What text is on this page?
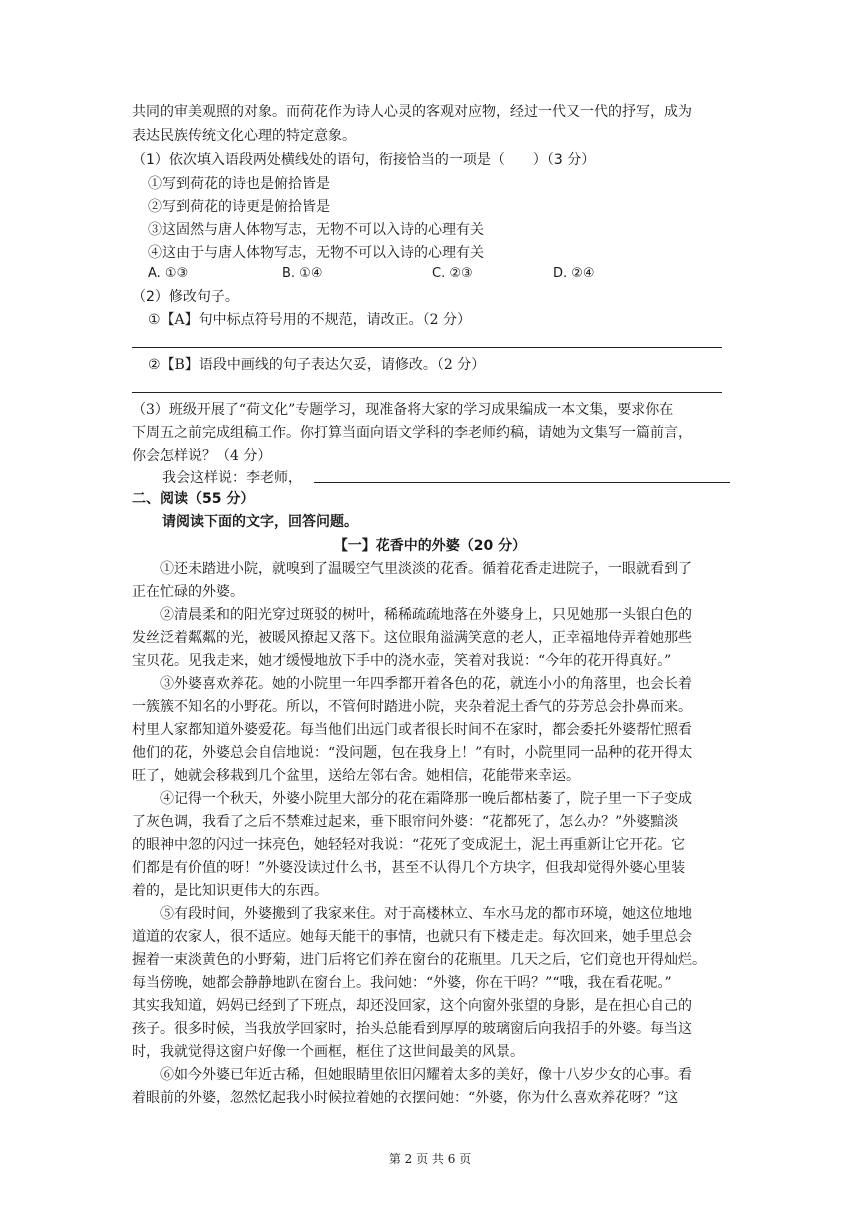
共同的审美观照的对象。而荷花作为诗人心灵的客观对应物，经过一代又一代的抒写，成为
表达民族传统文化心理的特定意象。
（1）依次填入语段两处横线处的语句，衔接恰当的一项是（　　）（3 分）
①写到荷花的诗也是俯拾皆是
②写到荷花的诗更是俯拾皆是
③这固然与唐人体物写志，无物不可以入诗的心理有关
④这由于与唐人体物写志，无物不可以入诗的心理有关
A. ①③	B. ①④	C. ②③	D. ②④
（2）修改句子。
①【A】句中标点符号用的不规范，请改正。（2 分）
②【B】语段中画线的句子表达欠妥，请修改。（2 分）
（3）班级开展了“荷文化”专题学习，现准备将大家的学习成果编成一本文集，要求你在
下周五之前完成组稿工作。你打算当面向语文学科的李老师约稿，请她为文集写一篇前言，
你会怎样说？（4 分）
我会这样说：李老师，
二、阅读（55 分）
请阅读下面的文字，回答问题。
【一】花香中的外婆（20 分）
①还未踏进小院，就嗅到了温暖空气里淡淡的花香。循着花香走进院子，一眼就看到了
正在忙碌的外婆。
②清晨柔和的阳光穿过斑驳的树叶，稀稀疏疏地落在外婆身上，只见她那一头银白色的
发丝泛着粼粼的光，被暖风撩起又落下。这位眼角溢满笑意的老人，正幸福地侍弄着她那些
宝贝花。见我走来，她才缓慢地放下手中的浇水壶，笑着对我说：“今年的花开得真好。”
③外婆喜欢养花。她的小院里一年四季都开着各色的花，就连小小的角落里，也会长着
一簇簇不知名的小野花。所以，不管何时踏进小院，夹杂着泥土香气的芬芳总会扑鼻而来。
村里人家都知道外婆爱花。每当他们出远门或者很长时间不在家时，都会委托外婆帮忙照看
他们的花，外婆总会自信地说：“没问题，包在我身上！”有时，小院里同一品种的花开得太
旺了，她就会移栽到几个盆里，送给左邻右舍。她相信，花能带来幸运。
④记得一个秋天，外婆小院里大部分的花在霜降那一晚后都枯萎了，院子里一下子变成
了灰色调，我看了之后不禁难过起来，垂下眼帘问外婆：“花都死了，怎么办？”外婆黯淡
的眼神中忽的闪过一抹亮色，她轻轻对我说：“花死了变成泥土，泥土再重新让它开花。它
们都是有价值的呀！”外婆没读过什么书，甚至不认得几个方块字，但我却觉得外婆心里装
着的，是比知识更伟大的东西。
⑤有段时间，外婆搬到了我家来住。对于高楼林立、车水马龙的都市环境，她这位地地
道道的农家人，很不适应。她每天能干的事情，也就只有下楼走走。每次回来，她手里总会
握着一束淡黄色的小野菊，进门后将它们养在窗台的花瓶里。几天之后，它们竟也开得灿烂。
每当傍晚，她都会静静地趴在窗台上。我问她：“外婆，你在干吗？”“哦，我在看花呢。”
其实我知道，妈妈已经到了下班点，却还没回家，这个向窗外张望的身影，是在担心自己的
孩子。很多时候，当我放学回家时，抬头总能看到厚厚的玻璃窗后向我招手的外婆。每当这
时，我就觉得这窗户好像一个画框，框住了这世间最美的风景。
⑥如今外婆已年近古稀，但她眼睛里依旧闪耀着太多的美好，像十八岁少女的心事。看
着眼前的外婆，忽然忆起我小时候拉着她的衣摆问她：“外婆，你为什么喜欢养花呀？”这
第 2 页 共 6 页
